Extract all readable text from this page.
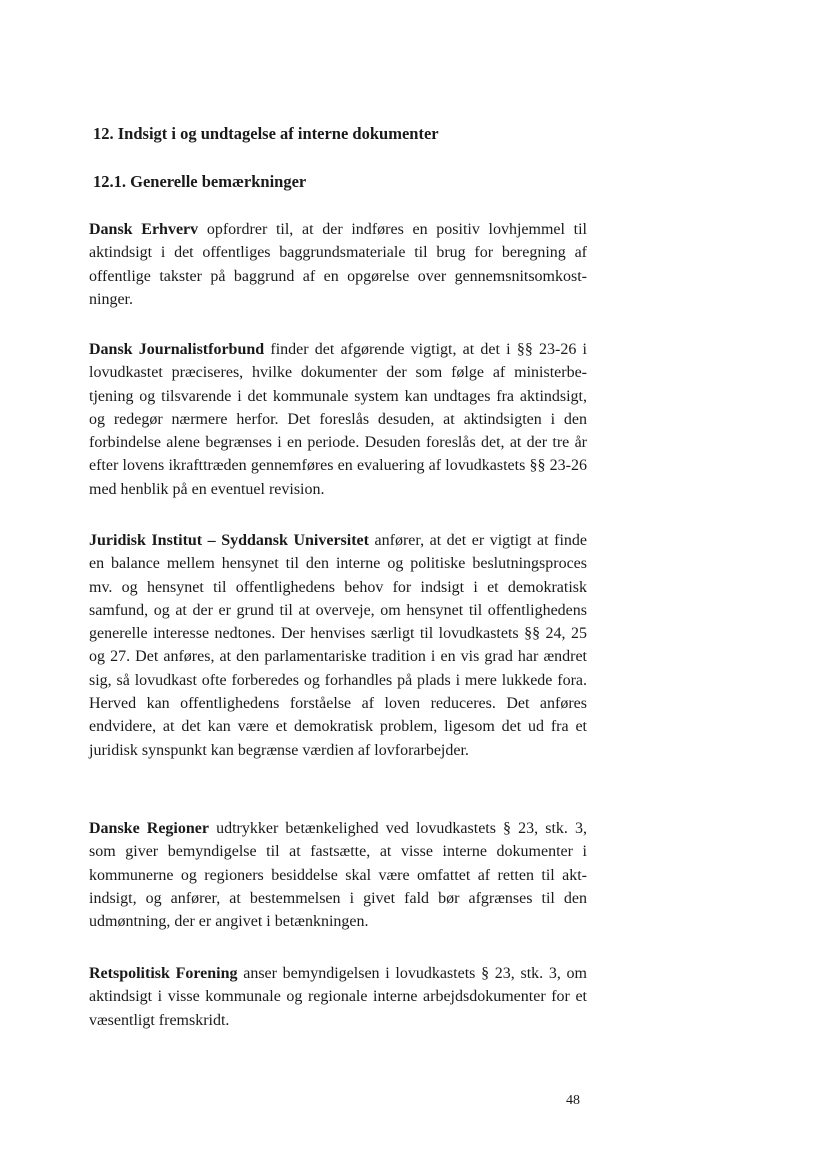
12. Indsigt i og undtagelse af interne dokumenter
12.1. Generelle bemærkninger

Dansk Erhverv opfordrer til, at der indføres en positiv lovhjemmel til aktindsigt i det offentliges baggrundsmateriale til brug for beregning af offentlige takster på baggrund af en opgørelse over gennemsnitsomkostninger.

Dansk Journalistforbund finder det afgørende vigtigt, at det i §§ 23-26 i lovudkastet præciseres, hvilke dokumenter der som følge af ministerbetjening og tilsvarende i det kommunale system kan undtages fra aktindsigt, og redegør nærmere herfor. Det foreslås desuden, at aktindsigten i den forbindelse alene begrænses i en periode. Desuden foreslås det, at der tre år efter lovens ikrafttræden gennemføres en evaluering af lovudkastets §§ 23-26 med henblik på en eventuel revision.

Juridisk Institut – Syddansk Universitet anfører, at det er vigtigt at finde en balance mellem hensynet til den interne og politiske beslutningsproces mv. og hensynet til offentlighedens behov for indsigt i et demokratisk samfund, og at der er grund til at overveje, om hensynet til offentlighedens generelle interesse nedtones. Der henvises særligt til lovudkastets §§ 24, 25 og 27. Det anføres, at den parlamentariske tradition i en vis grad har ændret sig, så lovudkast ofte forberedes og forhandles på plads i mere lukkede fora. Herved kan offentlighedens forståelse af loven reduceres. Det anføres endvidere, at det kan være et demokratisk problem, ligesom det ud fra et juridisk synspunkt kan begrænse værdien af lovforarbejder.

Danske Regioner udtrykker betænkelighed ved lovudkastets § 23, stk. 3, som giver bemyndigelse til at fastsætte, at visse interne dokumenter i kommunerne og regioners besiddelse skal være omfattet af retten til aktindsigt, og anfører, at bestemmelsen i givet fald bør afgrænses til den udmøntning, der er angivet i betænkningen.

Retspolitisk Forening anser bemyndigelsen i lovudkastets § 23, stk. 3, om aktindsigt i visse kommunale og regionale interne arbejdsdokumenter for et væsentligt fremskridt.

48
